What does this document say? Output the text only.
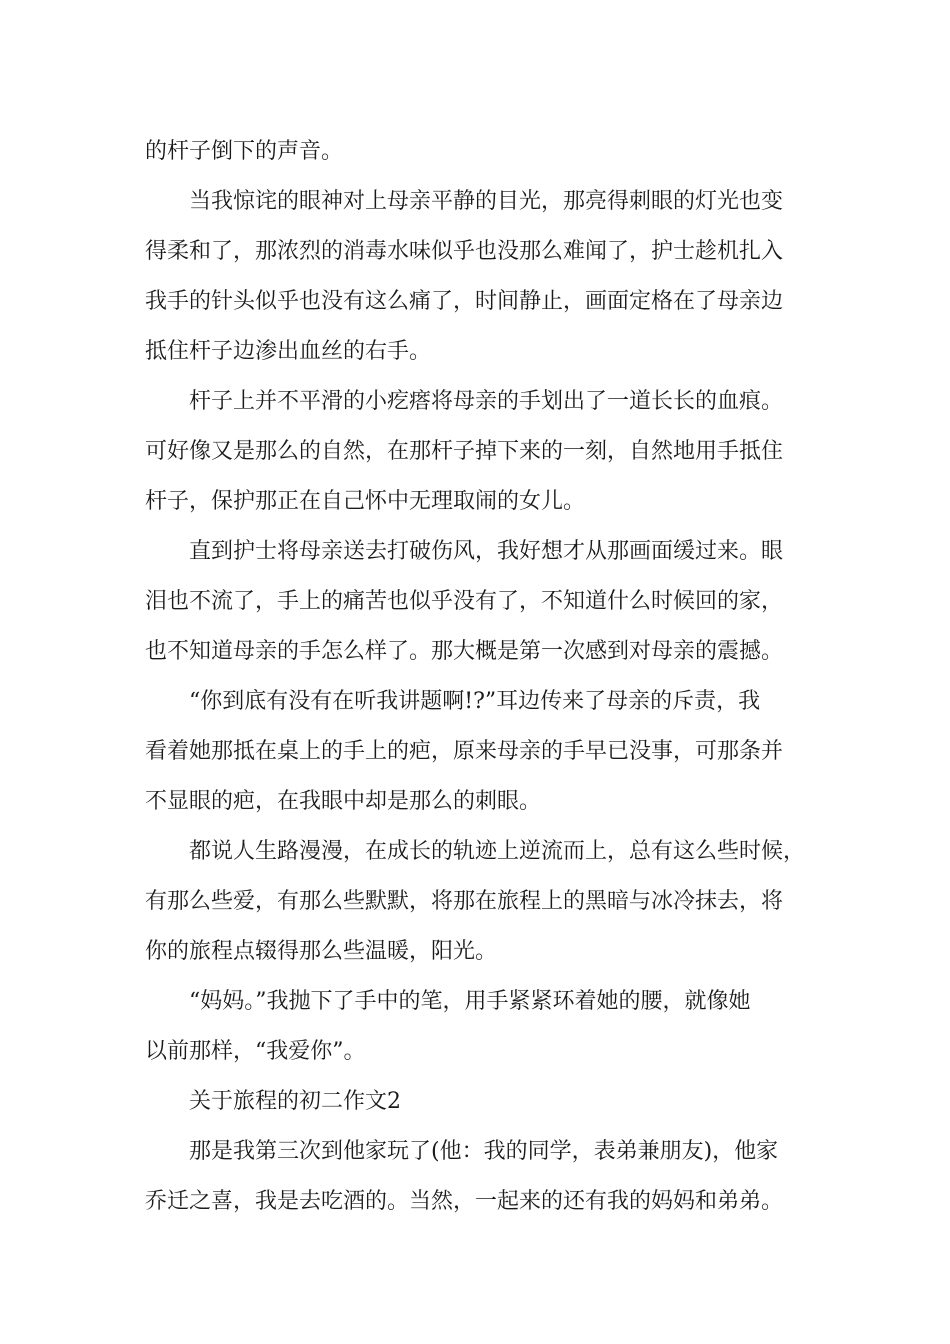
的杆子倒下的声音。
当我惊诧的眼神对上母亲平静的目光，那亮得刺眼的灯光也变
得柔和了，那浓烈的消毒水味似乎也没那么难闻了，护士趁机扎入
我手的针头似乎也没有这么痛了，时间静止，画面定格在了母亲边
抵住杆子边渗出血丝的右手。
杆子上并不平滑的小疙瘩将母亲的手划出了一道长长的血痕。
可好像又是那么的自然，在那杆子掉下来的一刻，自然地用手抵住
杆子，保护那正在自己怀中无理取闹的女儿。
直到护士将母亲送去打破伤风，我好想才从那画面缓过来。眼
泪也不流了，手上的痛苦也似乎没有了，不知道什么时候回的家，
也不知道母亲的手怎么样了。那大概是第一次感到对母亲的震撼。
“你到底有没有在听我讲题啊!?”耳边传来了母亲的斥责，我
看着她那抵在桌上的手上的疤，原来母亲的手早已没事，可那条并
不显眼的疤，在我眼中却是那么的刺眼。
都说人生路漫漫，在成长的轨迹上逆流而上，总有这么些时候，
有那么些爱，有那么些默默，将那在旅程上的黑暗与冰冷抹去，将
你的旅程点辍得那么些温暖，阳光。
“妈妈。”我抛下了手中的笔，用手紧紧环着她的腰，就像她
以前那样，“我爱你”。
关于旅程的初二作文2
那是我第三次到他家玩了(他：我的同学，表弟兼朋友)，他家
乔迁之喜，我是去吃酒的。当然，一起来的还有我的妈妈和弟弟。
